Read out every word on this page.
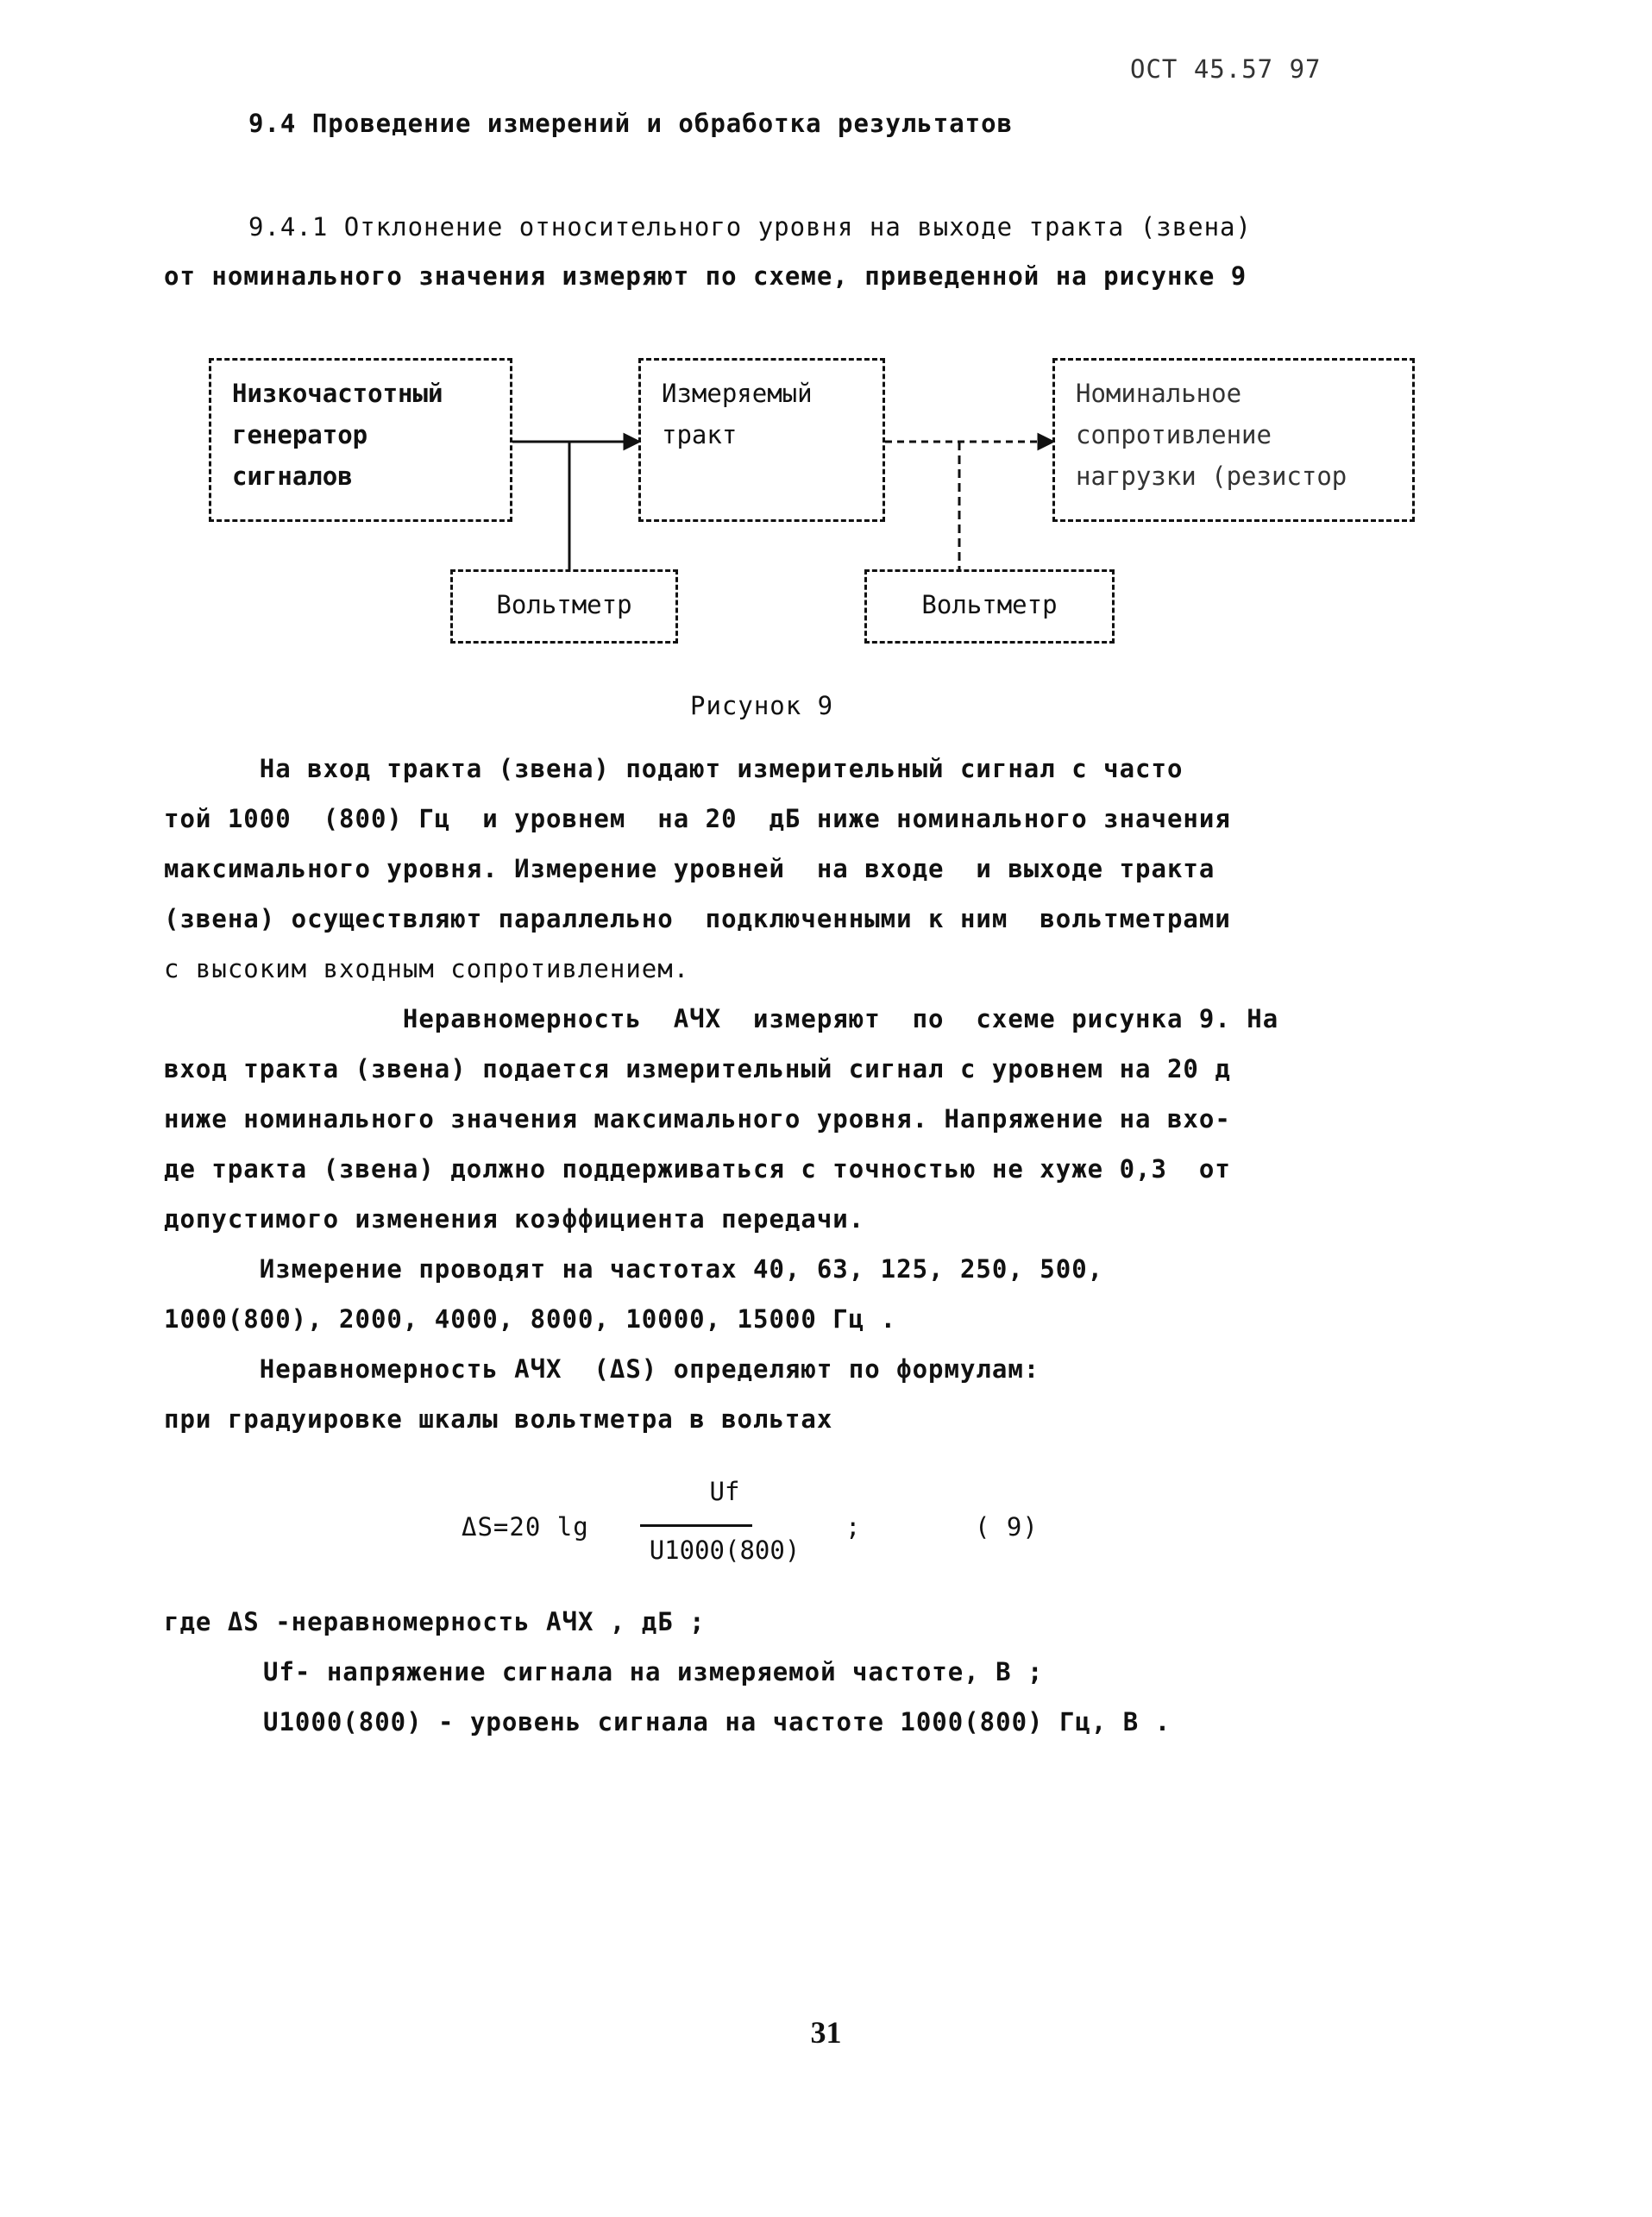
ОСТ 45.57 97
9.4 Проведение измерений и обработка результатов
9.4.1 Отклонение относительного уровня на выходе тракта (звена)
от номинального значения измеряют по схеме, приведенной на рисунке 9
Низкочастотный
генератор
сигналов
Измеряемый
тракт
Номинальное
сопротивление
нагрузки (резистор
Вольтметр	Вольтметр
Рисунок 9
На вход тракта (звена) подают измерительный сигнал с часто
той 1000  (800) Гц  и уровнем  на 20  дБ ниже номинального значения
максимального уровня. Измерение уровней  на входе  и выходе тракта
(звена) осуществляют параллельно  подключенными к ним  вольтметрами
с высоким входным сопротивлением.
Неравномерность  АЧХ  измеряют  по  схеме рисунка 9. На
вход тракта (звена) подается измерительный сигнал с уровнем на 20 д
ниже номинального значения максимального уровня. Напряжение на вхо-
де тракта (звена) должно поддерживаться с точностью не хуже 0,3  от
допустимого изменения коэффициента передачи.
Измерение проводят на частотах 40, 63, 125, 250, 500,
1000(800), 2000, 4000, 8000, 10000, 15000 Гц .
Неравномерность АЧХ  (ΔS) определяют по формулам:
при градуировке шкалы вольтметра в вольтах
ΔS=20 lg
Uf
U1000(800)
;	( 9)
где ΔS -неравномерность АЧХ , дБ ;
Uf- напряжение сигнала на измеряемой частоте, В ;
U1000(800) - уровень сигнала на частоте 1000(800) Гц, В .
31
